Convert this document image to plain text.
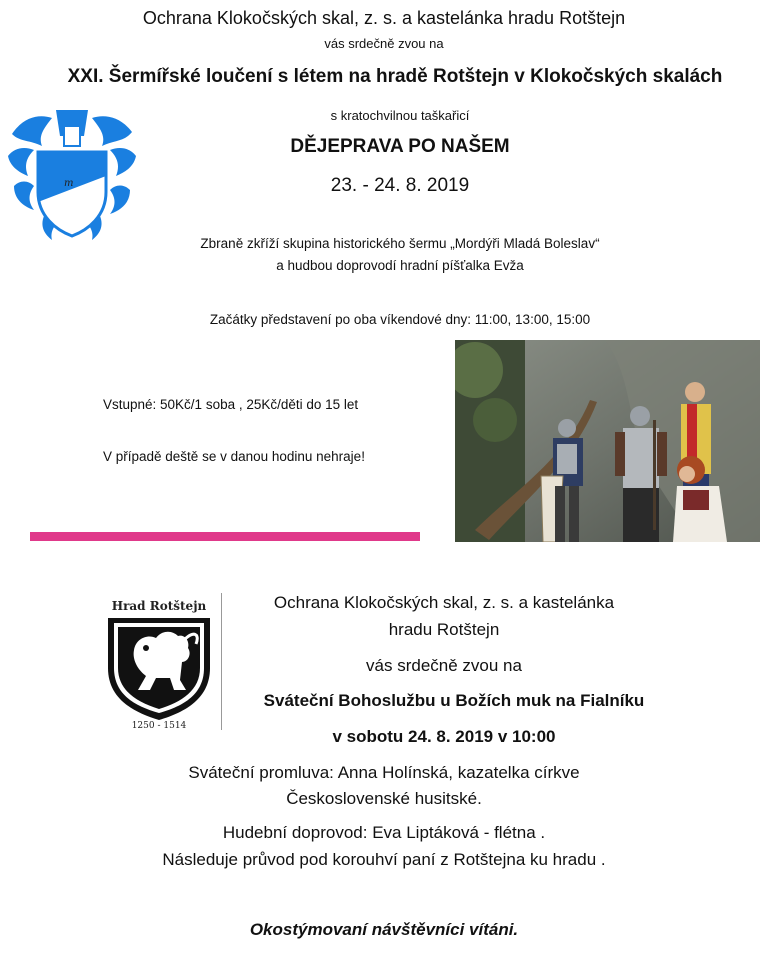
Ochrana Klokočských skal, z. s. a kastelánka hradu Rotštejn
vás srdečně zvou na
XXI. Šermířské loučení s létem na hradě Rotštejn v Klokočských skalách
s kratochvilnou taškařicí
DĚJEPRAVA PO NAŠEM
23. - 24. 8. 2019
m
Zbraně zkříží skupina historického šermu „Mordýři Mladá Boleslav“
a hudbou doprovodí hradní píšťalka Evža
Začátky představení po oba víkendové dny: 11:00, 13:00, 15:00
Vstupné: 50Kč/1 soba , 25Kč/děti do 15 let
V případě deště se v danou hodinu nehraje!
Hrad Rotštejn
1250 - 1514
Ochrana Klokočských skal, z. s. a kastelánka
hradu Rotštejn
vás srdečně zvou na
Sváteční Bohoslužbu u Božích muk na Fialníku
v sobotu 24. 8. 2019 v 10:00
Sváteční promluva: Anna Holínská, kazatelka církve
Československé husitské.
Hudební doprovod: Eva Liptáková - flétna .
Následuje průvod pod korouhví paní z Rotštejna ku hradu .
Okostýmovaní návštěvníci vítáni.
